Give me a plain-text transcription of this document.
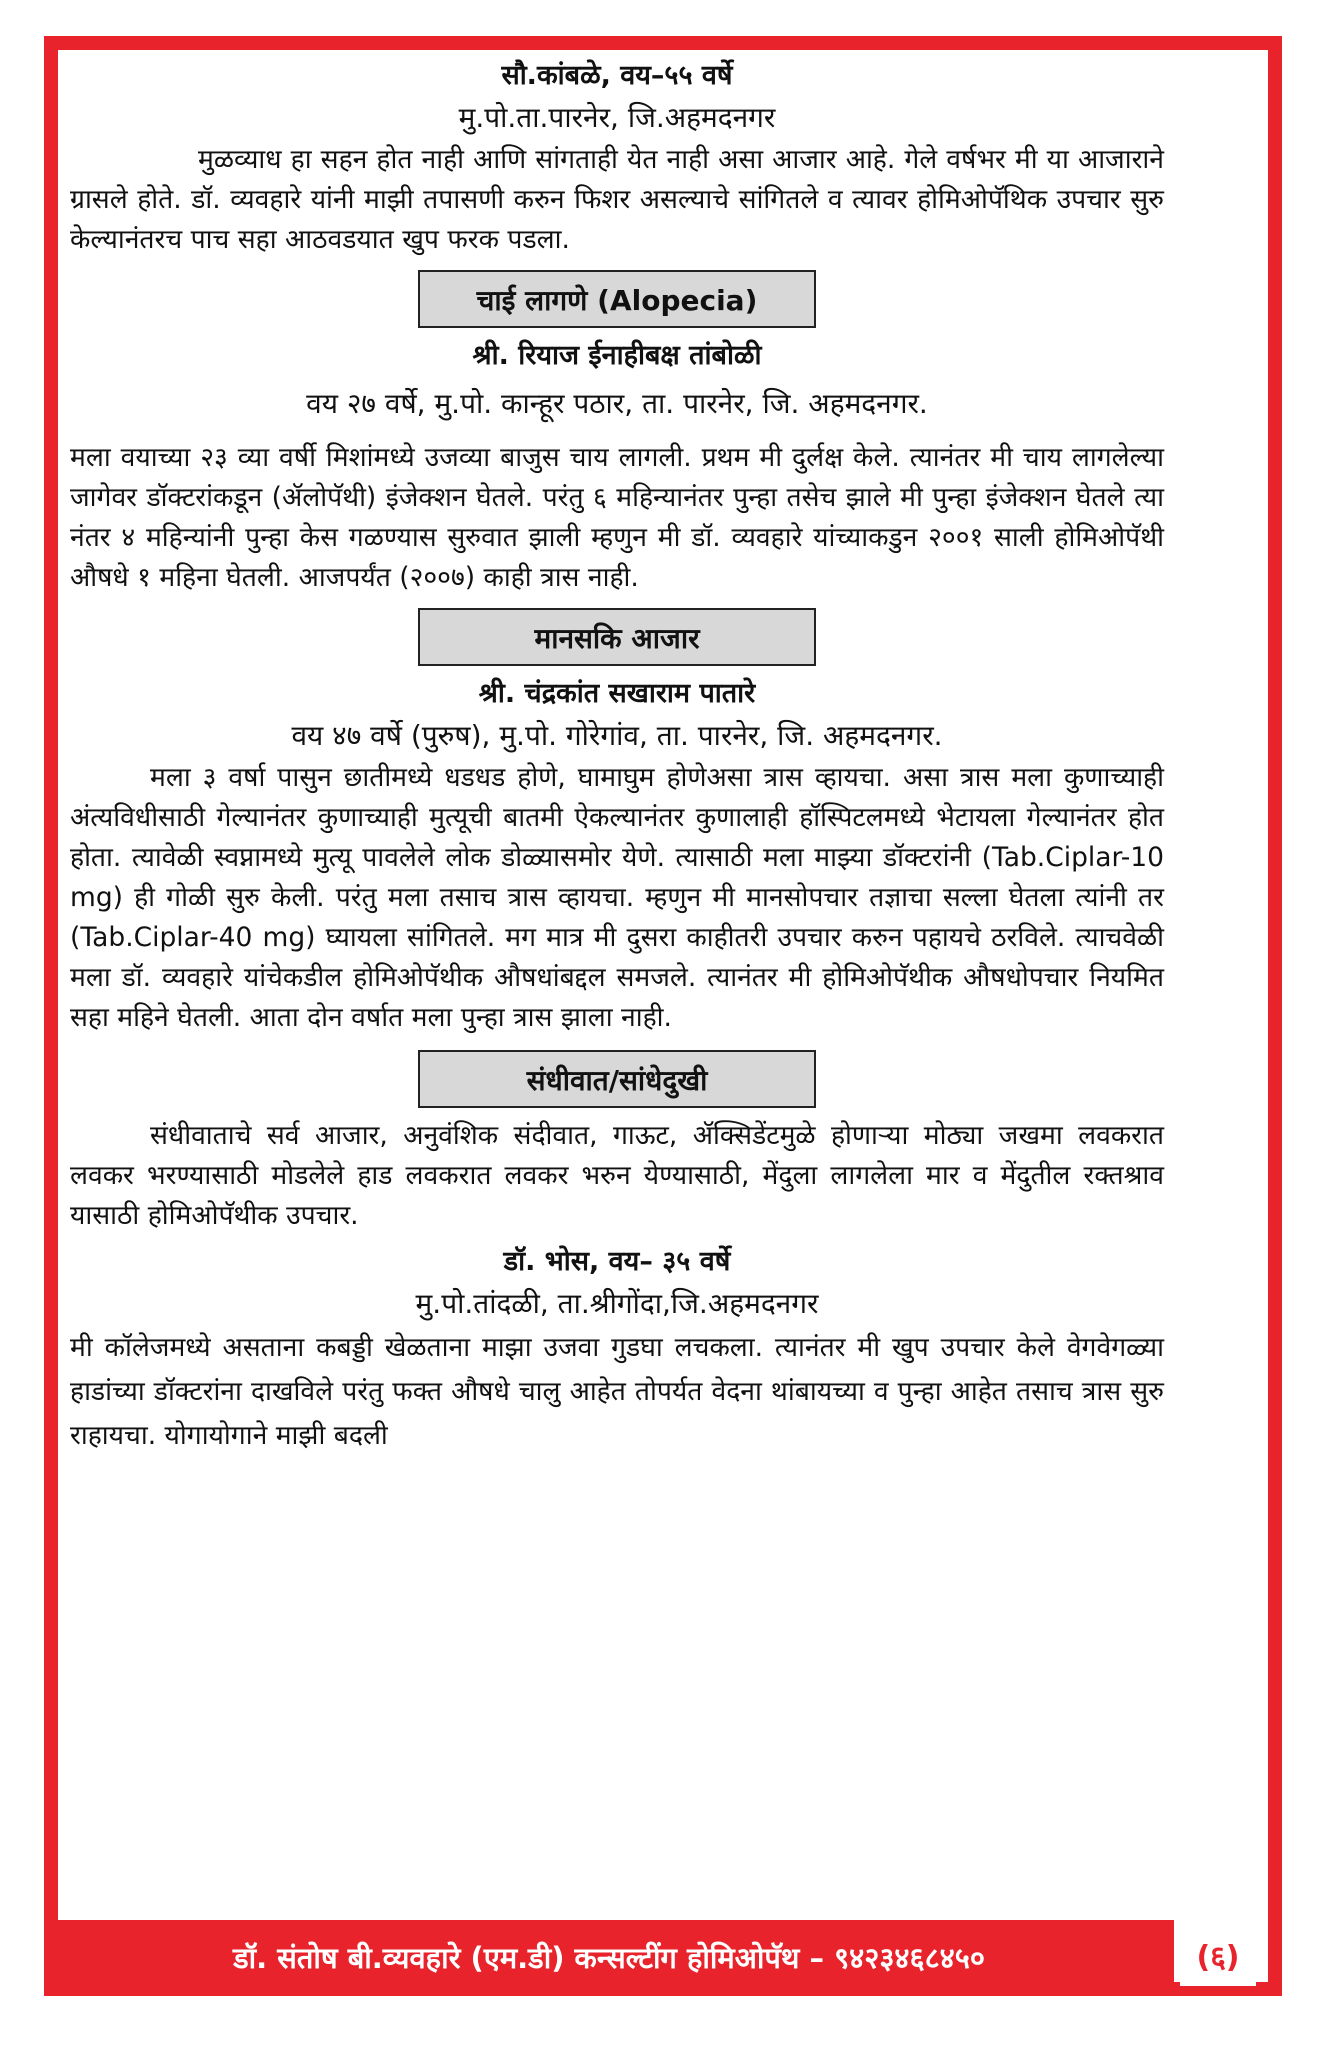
सौ.कांबळे, वय–५५ वर्षे

मु.पो.ता.पारनेर, जि.अहमदनगर

मुळव्याध हा सहन होत नाही आणि सांगताही येत नाही असा आजार आहे. गेले वर्षभर मी या आजाराने ग्रासले होते. डॉ. व्यवहारे यांनी माझी तपासणी करुन फिशर असल्याचे सांगितले व त्यावर होमिओपॅथिक उपचार सुरु केल्यानंतरच पाच सहा आठवडयात खुप फरक पडला.

चाई लागणे (Alopecia)

श्री. रियाज ईनाहीबक्ष तांबोळी

वय २७ वर्षे, मु.पो. कान्हूर पठार, ता. पारनेर, जि. अहमदनगर.

मला वयाच्या २३ व्या वर्षी मिशांमध्ये उजव्या बाजुस चाय लागली. प्रथम मी दुर्लक्ष केले. त्यानंतर मी चाय लागलेल्या जागेवर डॉक्टरांकडून (ॲलोपॅथी) इंजेक्शन घेतले. परंतु ६ महिन्यानंतर पुन्हा तसेच झाले मी पुन्हा इंजेक्शन घेतले त्या नंतर ४ महिन्यांनी पुन्हा केस गळण्यास सुरुवात झाली म्हणुन मी डॉ. व्यवहारे यांच्याकडुन २००१ साली होमिओपॅथी औषधे १ महिना घेतली. आजपर्यंत (२००७) काही त्रास नाही.

मानसकि आजार

श्री. चंद्रकांत सखाराम पातारे

वय ४७ वर्षे (पुरुष), मु.पो. गोरेगांव, ता. पारनेर, जि. अहमदनगर.

मला ३ वर्षा पासुन छातीमध्ये धडधड होणे, घामाघुम होणेअसा त्रास व्हायचा. असा त्रास मला कुणाच्याही अंत्यविधीसाठी गेल्यानंतर कुणाच्याही मुत्यूची बातमी ऐकल्यानंतर कुणालाही हॉस्पिटलमध्ये भेटायला गेल्यानंतर होत होता. त्यावेळी स्वप्नामध्ये मुत्यू पावलेले लोक डोळ्यासमोर येणे. त्यासाठी मला माझ्या डॉक्टरांनी (Tab.Ciplar-10 mg) ही गोळी सुरु केली. परंतु मला तसाच त्रास व्हायचा. म्हणुन मी मानसोपचार तज्ञाचा सल्ला घेतला त्यांनी तर (Tab.Ciplar-40 mg) घ्यायला सांगितले. मग मात्र मी दुसरा काहीतरी उपचार करुन पहायचे ठरविले. त्याचवेळी मला डॉ. व्यवहारे यांचेकडील होमिओपॅथीक औषधांबद्दल समजले. त्यानंतर मी होमिओपॅथीक औषधोपचार नियमित सहा महिने घेतली. आता दोन वर्षात मला पुन्हा त्रास झाला नाही.

संधीवात/सांधेदुखी

संधीवाताचे सर्व आजार, अनुवंशिक संदीवात, गाऊट, ॲक्सिडेंटमुळे होणाऱ्या मोठ्या जखमा लवकरात लवकर भरण्यासाठी मोडलेले हाड लवकरात लवकर भरुन येण्यासाठी, मेंदुला लागलेला मार व मेंदुतील रक्तश्राव यासाठी होमिओपॅथीक उपचार.

डॉ. भोस, वय– ३५ वर्षे

मु.पो.तांदळी, ता.श्रीगोंदा,जि.अहमदनगर

मी कॉलेजमध्ये असताना कबड्डी खेळताना माझा उजवा गुडघा लचकला. त्यानंतर मी खुप उपचार केले वेगवेगळ्या हाडांच्या डॉक्टरांना दाखविले परंतु फक्त औषधे चालु आहेत तोपर्यत वेदना थांबायच्या व पुन्हा आहेत तसाच त्रास सुरु राहायचा. योगायोगाने माझी बदली

डॉ. संतोष बी.व्यवहारे (एम.डी) कन्सल्टींग होमिओपॅथ – ९४२३४६८४५०	(६)
